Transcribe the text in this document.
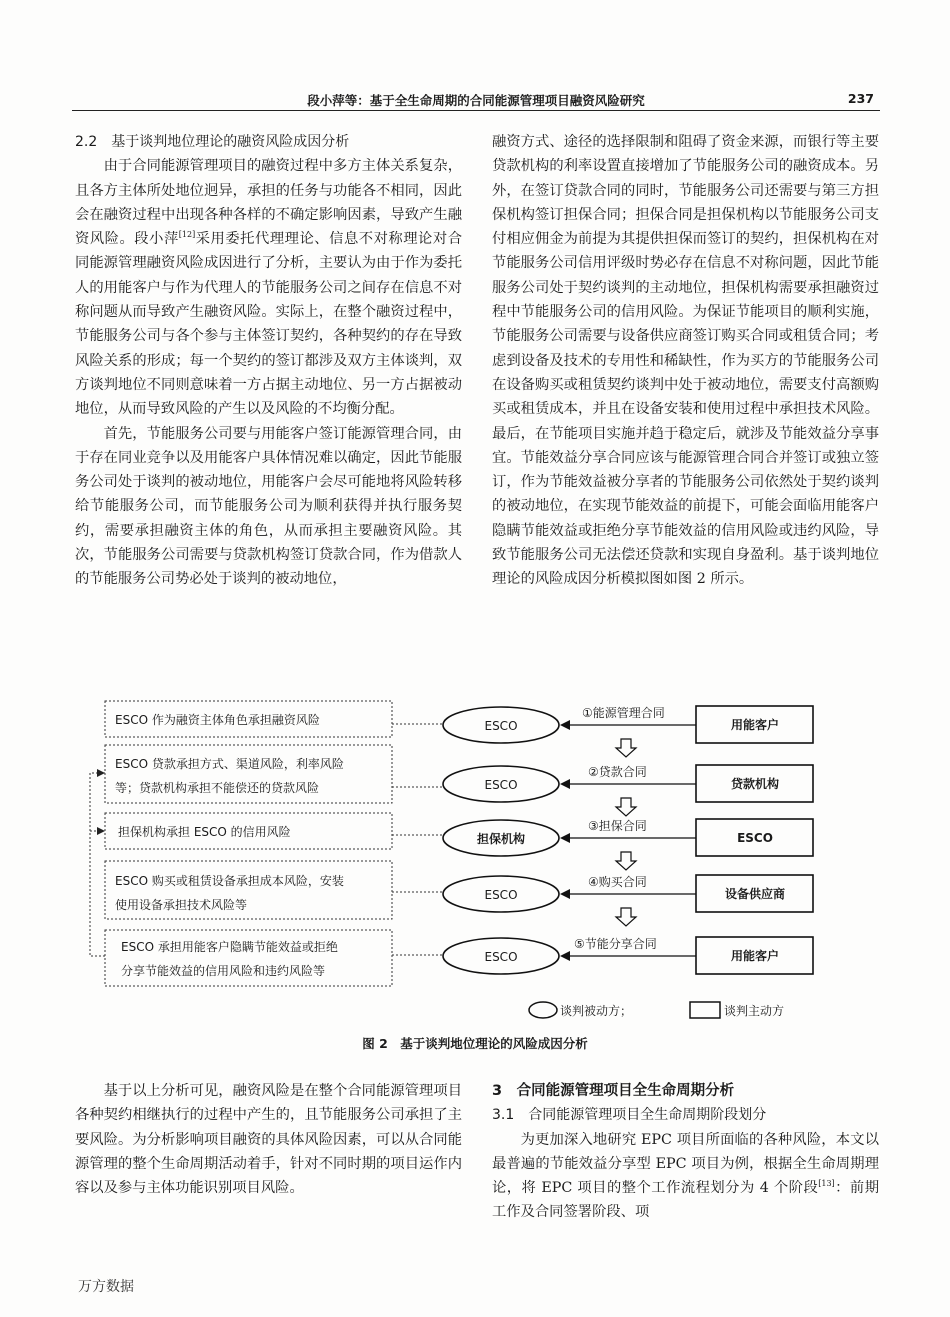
段小萍等：基于全生命周期的合同能源管理项目融资风险研究	237
2.2　基于谈判地位理论的融资风险成因分析

由于合同能源管理项目的融资过程中多方主体关系复杂，且各方主体所处地位迥异，承担的任务与功能各不相同，因此会在融资过程中出现各种各样的不确定影响因素，导致产生融资风险。段小萍[12]采用委托代理理论、信息不对称理论对合同能源管理融资风险成因进行了分析，主要认为由于作为委托人的用能客户与作为代理人的节能服务公司之间存在信息不对称问题从而导致产生融资风险。实际上，在整个融资过程中，节能服务公司与各个参与主体签订契约，各种契约的存在导致风险关系的形成；每一个契约的签订都涉及双方主体谈判，双方谈判地位不同则意味着一方占据主动地位、另一方占据被动地位，从而导致风险的产生以及风险的不均衡分配。

首先，节能服务公司要与用能客户签订能源管理合同，由于存在同业竞争以及用能客户具体情况难以确定，因此节能服务公司处于谈判的被动地位，用能客户会尽可能地将风险转移给节能服务公司，而节能服务公司为顺利获得并执行服务契约，需要承担融资主体的角色，从而承担主要融资风险。其次，节能服务公司需要与贷款机构签订贷款合同，作为借款人的节能服务公司势必处于谈判的被动地位，

融资方式、途径的选择限制和阻碍了资金来源，而银行等主要贷款机构的利率设置直接增加了节能服务公司的融资成本。另外，在签订贷款合同的同时，节能服务公司还需要与第三方担保机构签订担保合同；担保合同是担保机构以节能服务公司支付相应佣金为前提为其提供担保而签订的契约，担保机构在对节能服务公司信用评级时势必存在信息不对称问题，因此节能服务公司处于契约谈判的主动地位，担保机构需要承担融资过程中节能服务公司的信用风险。为保证节能项目的顺利实施，节能服务公司需要与设备供应商签订购买合同或租赁合同；考虑到设备及技术的专用性和稀缺性，作为买方的节能服务公司在设备购买或租赁契约谈判中处于被动地位，需要支付高额购买或租赁成本，并且在设备安装和使用过程中承担技术风险。最后，在节能项目实施并趋于稳定后，就涉及节能效益分享事宜。节能效益分享合同应该与能源管理合同合并签订或独立签订，作为节能效益被分享者的节能服务公司依然处于契约谈判的被动地位，在实现节能效益的前提下，可能会面临用能客户隐瞒节能效益或拒绝分享节能效益的信用风险或违约风险，导致节能服务公司无法偿还贷款和实现自身盈利。基于谈判地位理论的风险成因分析模拟图如图 2 所示。

ESCO 作为融资主体角色承担融资风险
ESCO 贷款承担方式、渠道风险，利率风险
等；贷款机构承担不能偿还的贷款风险
担保机构承担 ESCO 的信用风险
ESCO 购买或租赁设备承担成本风险，安装
使用设备承担技术风险等
ESCO 承担用能客户隐瞒节能效益或拒绝
分享节能效益的信用风险和违约风险等
ESCO
ESCO
担保机构
ESCO
ESCO
①能源管理合同
②贷款合同
③担保合同
④购买合同
⑤节能分享合同
用能客户
贷款机构
ESCO
设备供应商
用能客户
谈判被动方；	谈判主动方
图 2　基于谈判地位理论的风险成因分析

基于以上分析可见，融资风险是在整个合同能源管理项目各种契约相继执行的过程中产生的，且节能服务公司承担了主要风险。为分析影响项目融资的具体风险因素，可以从合同能源管理的整个生命周期活动着手，针对不同时期的项目运作内容以及参与主体功能识别项目风险。

3　合同能源管理项目全生命周期分析
3.1　合同能源管理项目全生命周期阶段划分

为更加深入地研究 EPC 项目所面临的各种风险，本文以最普遍的节能效益分享型 EPC 项目为例，根据全生命周期理论，将 EPC 项目的整个工作流程划分为 4 个阶段[13]：前期工作及合同签署阶段、项

万方数据
